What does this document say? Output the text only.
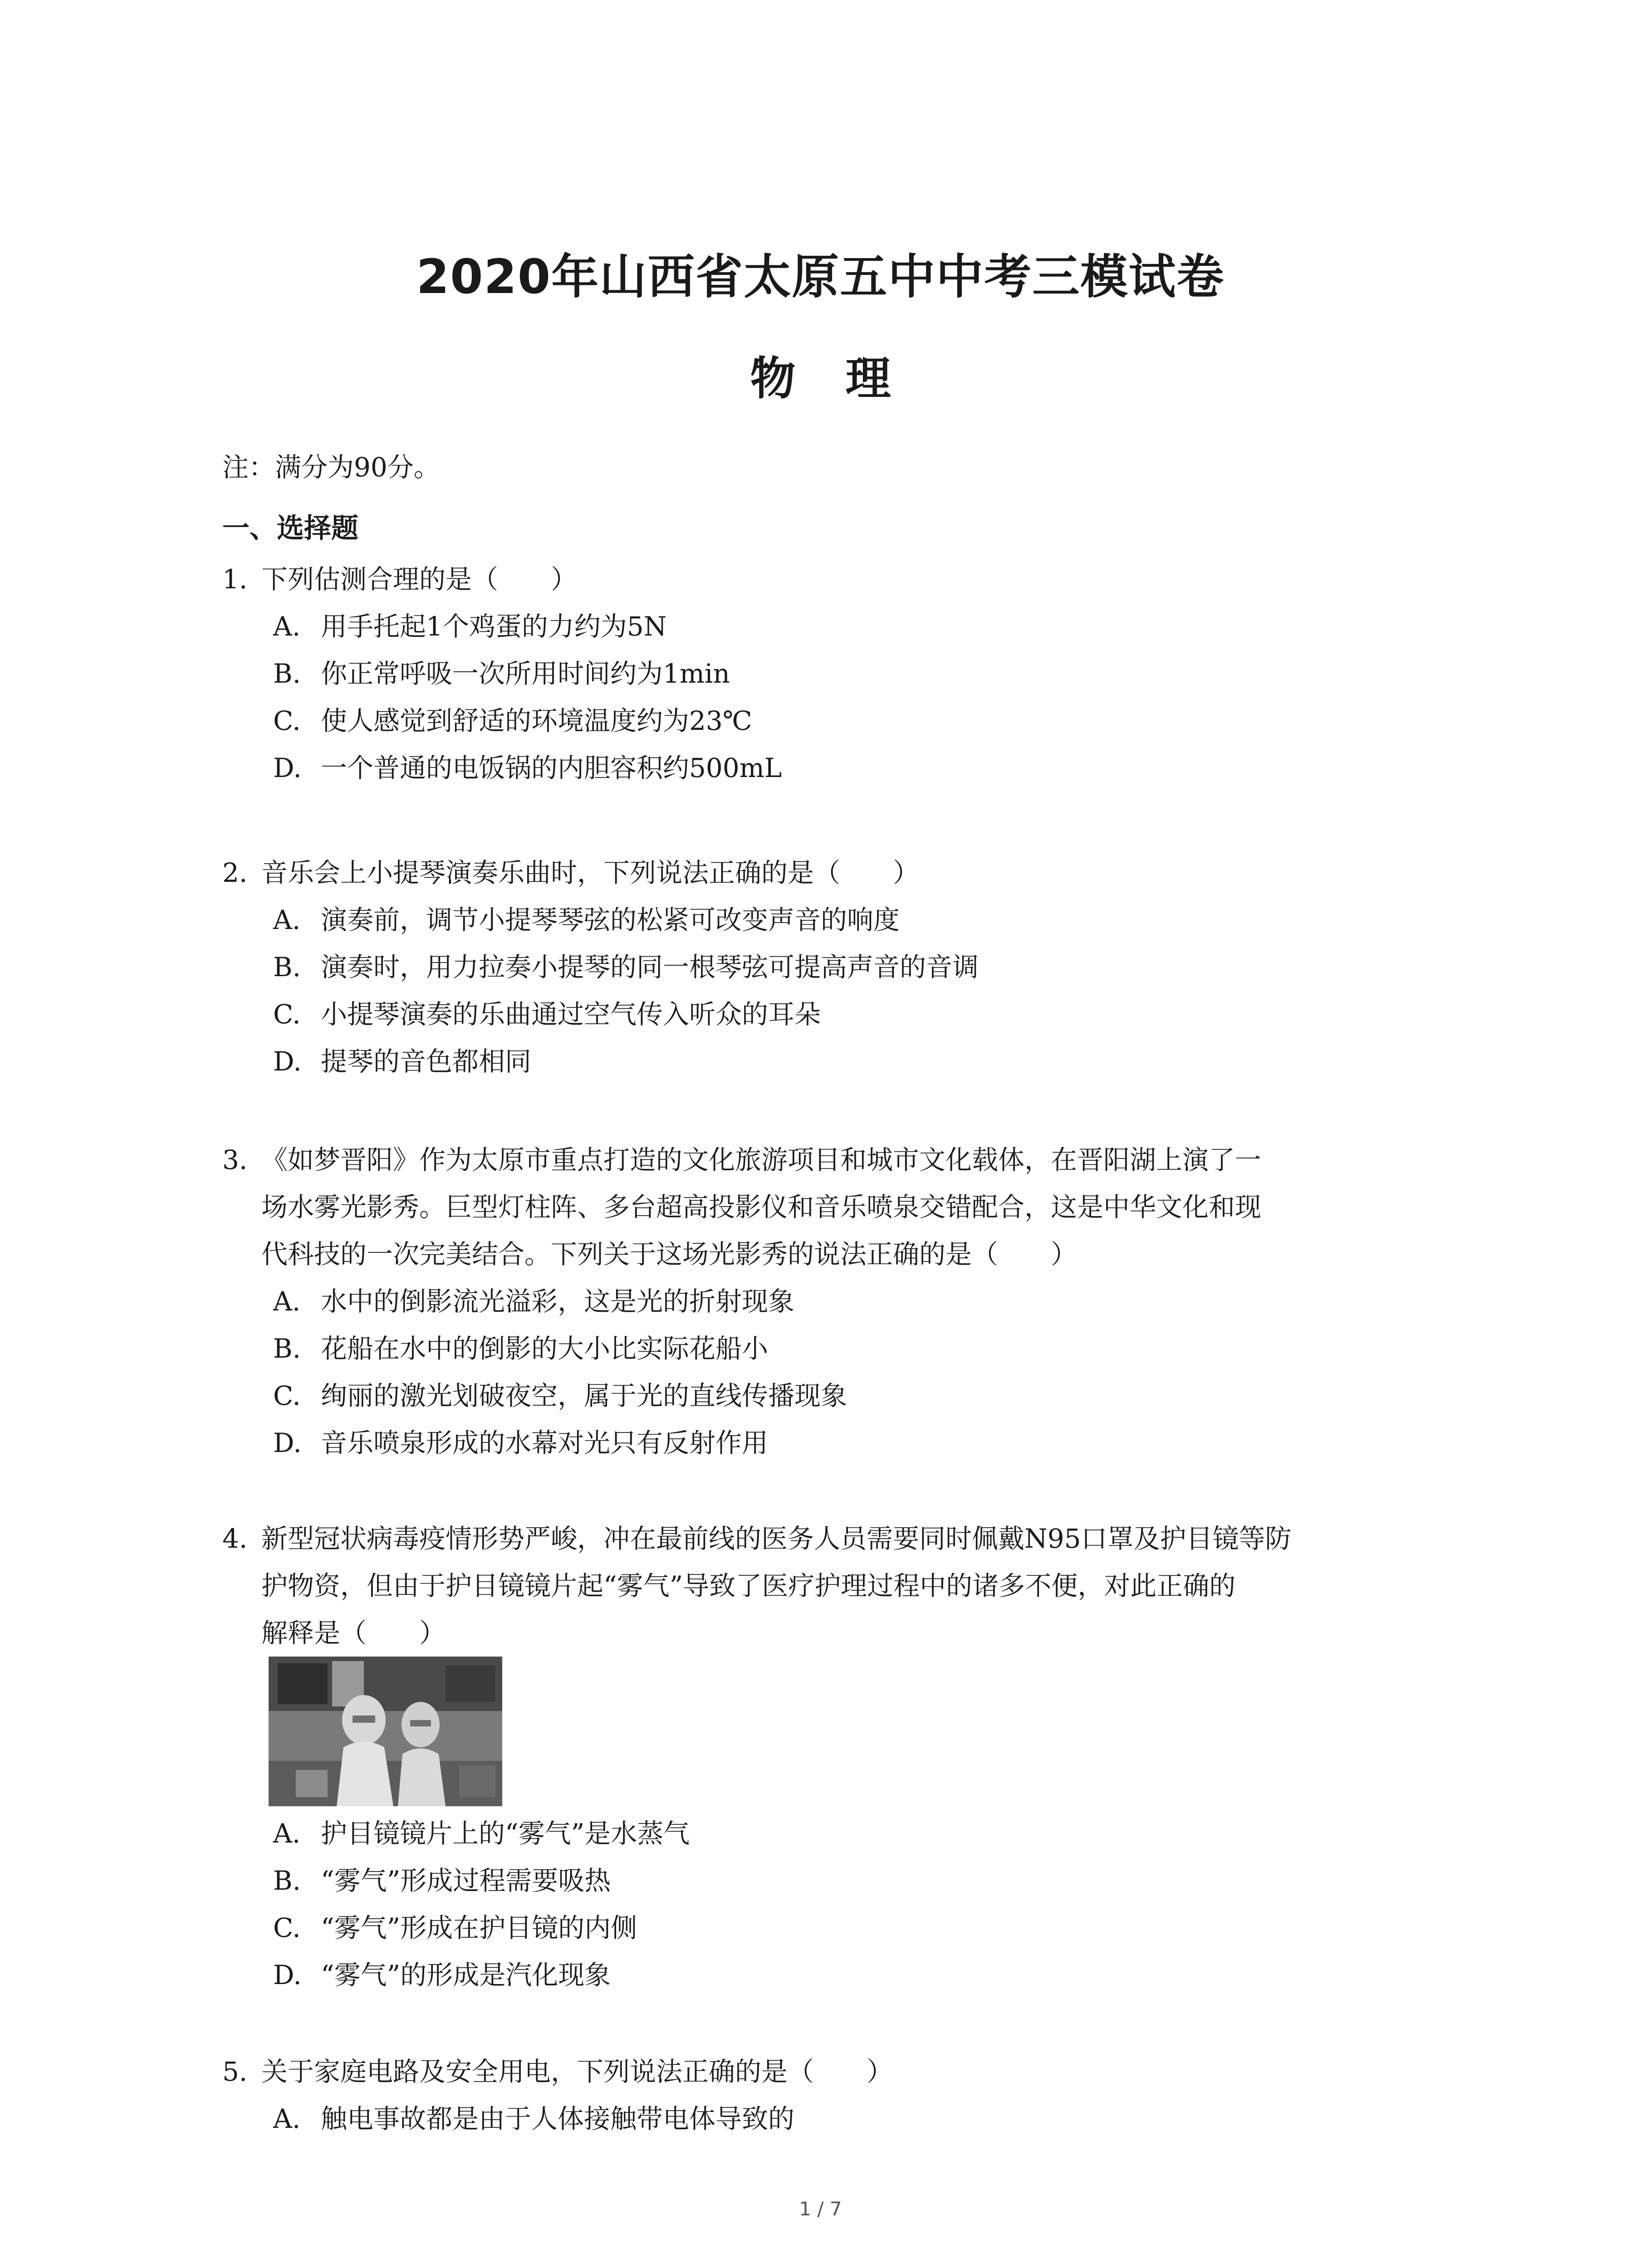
2020年山西省太原五中中考三模试卷
物 理
注：满分为90分。
一、选择题
1. 下列估测合理的是（　　）

A. 用手托起1个鸡蛋的力约为5N
B. 你正常呼吸一次所用时间约为1min
C. 使人感觉到舒适的环境温度约为23℃
D. 一个普通的电饭锅的内胆容积约500mL
2. 音乐会上小提琴演奏乐曲时，下列说法正确的是（　　）

A. 演奏前，调节小提琴琴弦的松紧可改变声音的响度
B. 演奏时，用力拉奏小提琴的同一根琴弦可提高声音的音调
C. 小提琴演奏的乐曲通过空气传入听众的耳朵
D. 提琴的音色都相同
3. 《如梦晋阳》作为太原市重点打造的文化旅游项目和城市文化载体，在晋阳湖上演了一

场水雾光影秀。巨型灯柱阵、多台超高投影仪和音乐喷泉交错配合，这是中华文化和现

代科技的一次完美结合。下列关于这场光影秀的说法正确的是（　　）

A. 水中的倒影流光溢彩，这是光的折射现象
B. 花船在水中的倒影的大小比实际花船小
C. 绚丽的激光划破夜空，属于光的直线传播现象
D. 音乐喷泉形成的水幕对光只有反射作用
4. 新型冠状病毒疫情形势严峻，冲在最前线的医务人员需要同时佩戴N95口罩及护目镜等防

护物资，但由于护目镜镜片起“雾气”导致了医疗护理过程中的诸多不便，对此正确的

解释是（　　）

A. 护目镜镜片上的“雾气”是水蒸气
B. “雾气”形成过程需要吸热
C. “雾气”形成在护目镜的内侧
D. “雾气”的形成是汽化现象
5. 关于家庭电路及安全用电，下列说法正确的是（　　）

A. 触电事故都是由于人体接触带电体导致的
1 / 7
